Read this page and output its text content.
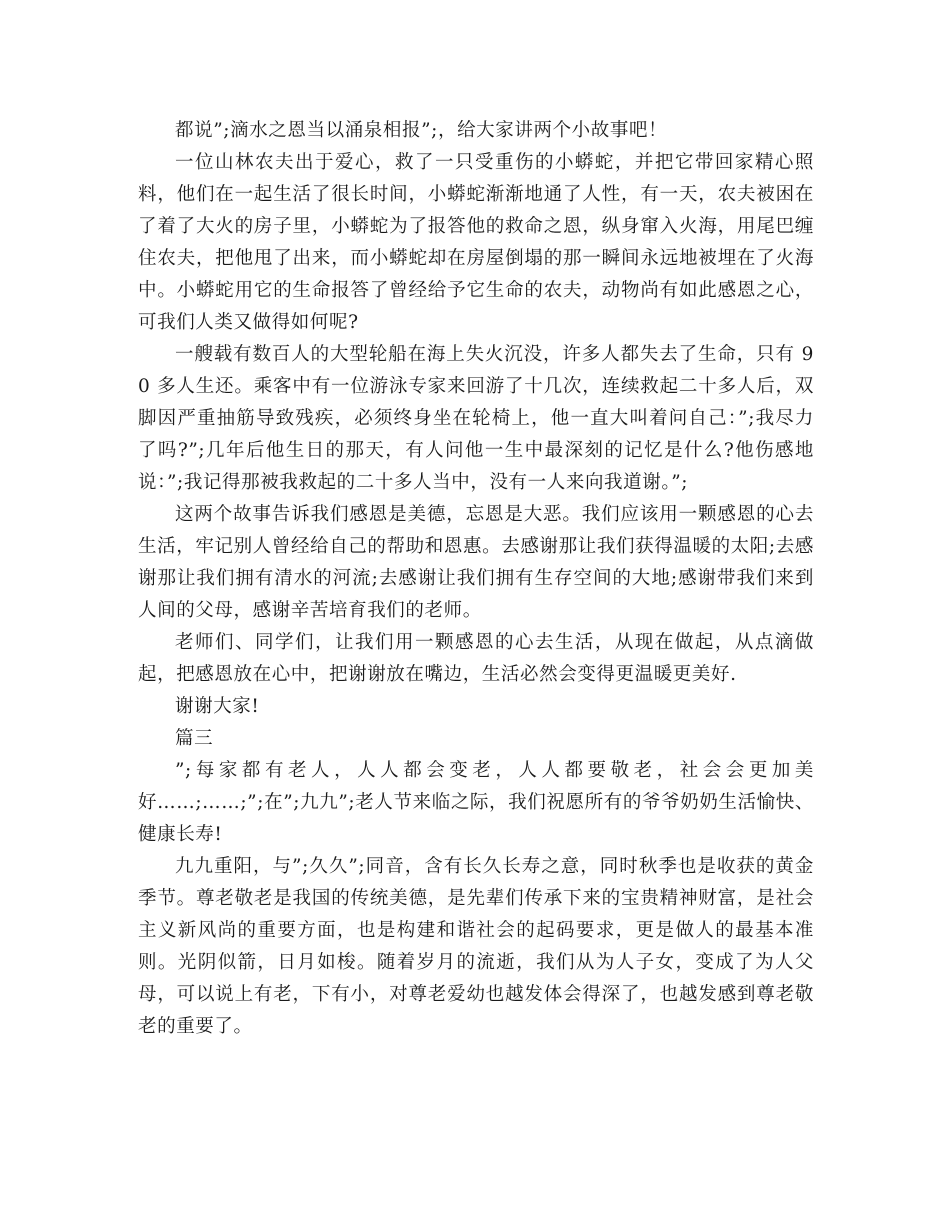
都说”;滴水之恩当以涌泉相报”;，给大家讲两个小故事吧！

一位山林农夫出于爱心，救了一只受重伤的小蟒蛇，并把它带回家精心照料，他们在一起生活了很长时间，小蟒蛇渐渐地通了人性，有一天，农夫被困在了着了大火的房子里，小蟒蛇为了报答他的救命之恩，纵身窜入火海，用尾巴缠住农夫，把他甩了出来，而小蟒蛇却在房屋倒塌的那一瞬间永远地被埋在了火海中。小蟒蛇用它的生命报答了曾经给予它生命的农夫，动物尚有如此感恩之心，可我们人类又做得如何呢?

一艘载有数百人的大型轮船在海上失火沉没，许多人都失去了生命，只有 90 多人生还。乘客中有一位游泳专家来回游了十几次，连续救起二十多人后，双脚因严重抽筋导致残疾，必须终身坐在轮椅上，他一直大叫着问自己：”;我尽力了吗?”;几年后他生日的那天，有人问他一生中最深刻的记忆是什么?他伤感地说：”;我记得那被我救起的二十多人当中，没有一人来向我道谢。”;

这两个故事告诉我们感恩是美德，忘恩是大恶。我们应该用一颗感恩的心去生活，牢记别人曾经给自己的帮助和恩惠。去感谢那让我们获得温暖的太阳;去感谢那让我们拥有清水的河流;去感谢让我们拥有生存空间的大地;感谢带我们来到人间的父母，感谢辛苦培育我们的老师。

老师们、同学们，让我们用一颗感恩的心去生活，从现在做起，从点滴做起，把感恩放在心中，把谢谢放在嘴边，生活必然会变得更温暖更美好.

谢谢大家!

篇三

”;每家都有老人，人人都会变老，人人都要敬老，社会会更加美好……;……;”;在”;九九”;老人节来临之际，我们祝愿所有的爷爷奶奶生活愉快、健康长寿!

九九重阳，与”;久久”;同音，含有长久长寿之意，同时秋季也是收获的黄金季节。尊老敬老是我国的传统美德，是先辈们传承下来的宝贵精神财富，是社会主义新风尚的重要方面，也是构建和谐社会的起码要求，更是做人的最基本准则。光阴似箭，日月如梭。随着岁月的流逝，我们从为人子女，变成了为人父母，可以说上有老，下有小，对尊老爱幼也越发体会得深了，也越发感到尊老敬老的重要了。
